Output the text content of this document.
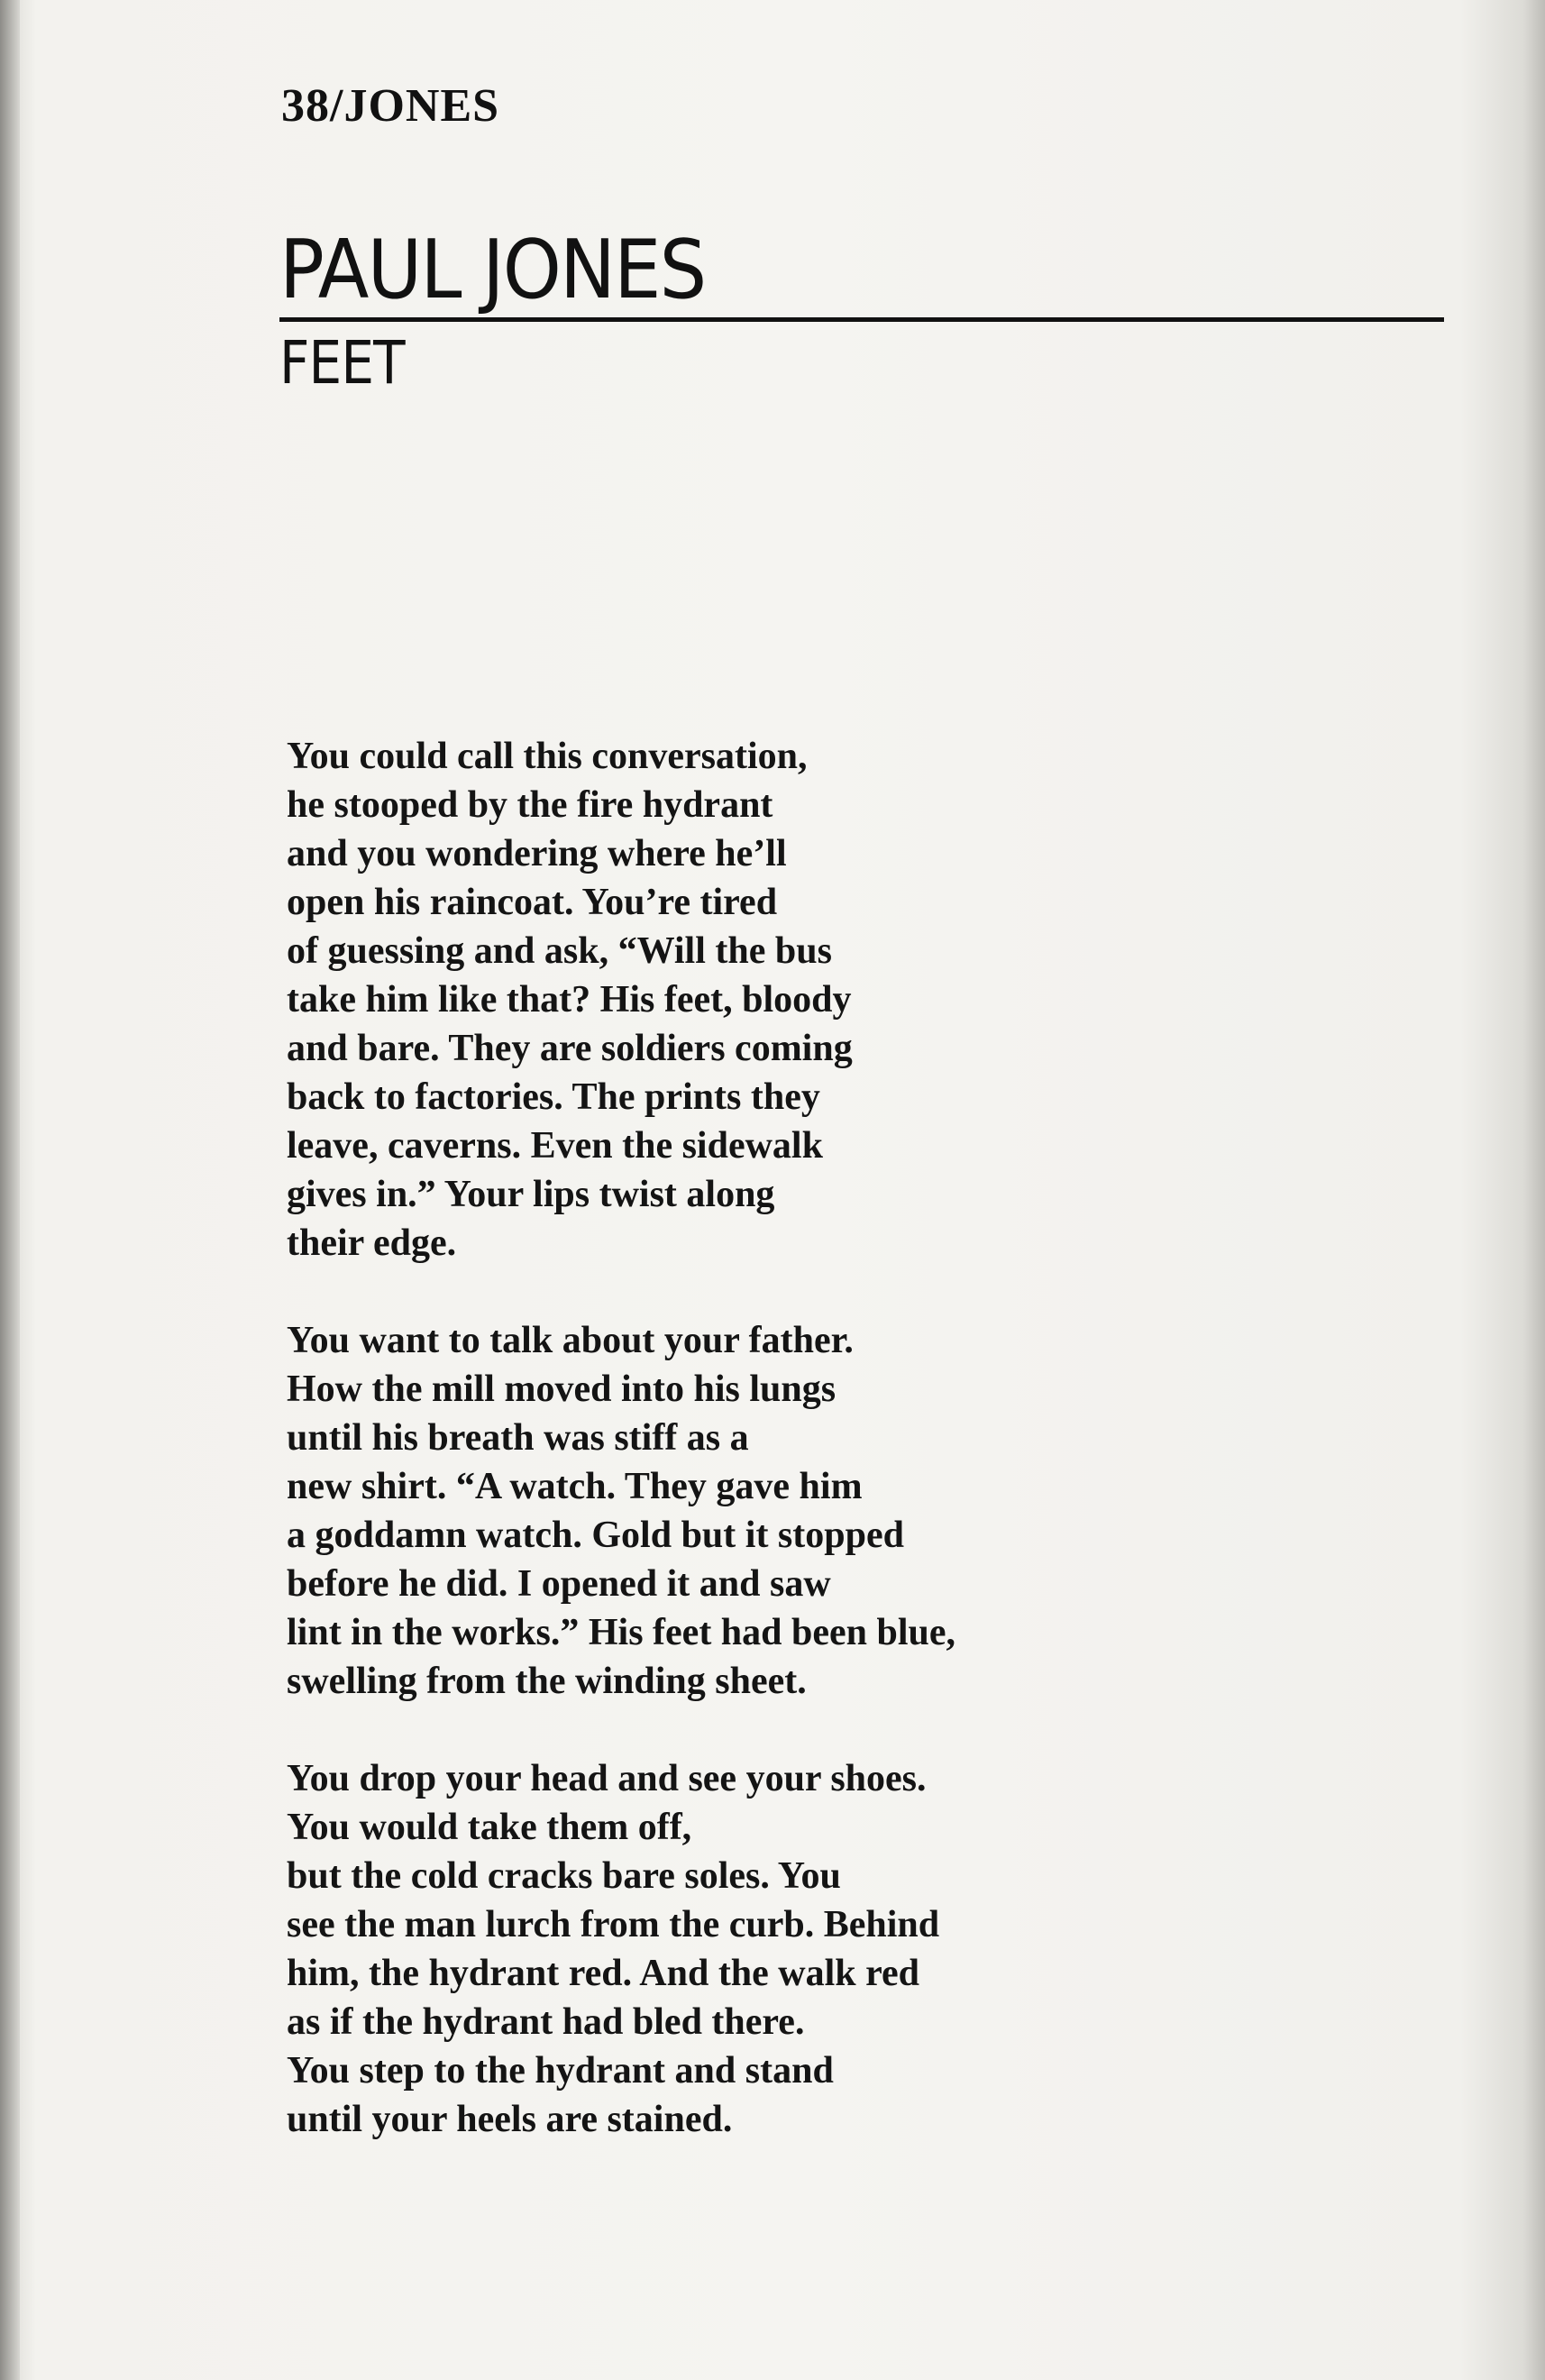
38/JONES
PAUL JONES
FEET
You could call this conversation,
he stooped by the fire hydrant
and you wondering where he’ll
open his raincoat. You’re tired
of guessing and ask, “Will the bus
take him like that? His feet, bloody
and bare. They are soldiers coming
back to factories. The prints they
leave, caverns. Even the sidewalk
gives in.” Your lips twist along
their edge.
You want to talk about your father.
How the mill moved into his lungs
until his breath was stiff as a
new shirt. “A watch. They gave him
a goddamn watch. Gold but it stopped
before he did. I opened it and saw
lint in the works.” His feet had been blue,
swelling from the winding sheet.
You drop your head and see your shoes.
You would take them off,
but the cold cracks bare soles. You
see the man lurch from the curb. Behind
him, the hydrant red. And the walk red
as if the hydrant had bled there.
You step to the hydrant and stand
until your heels are stained.
